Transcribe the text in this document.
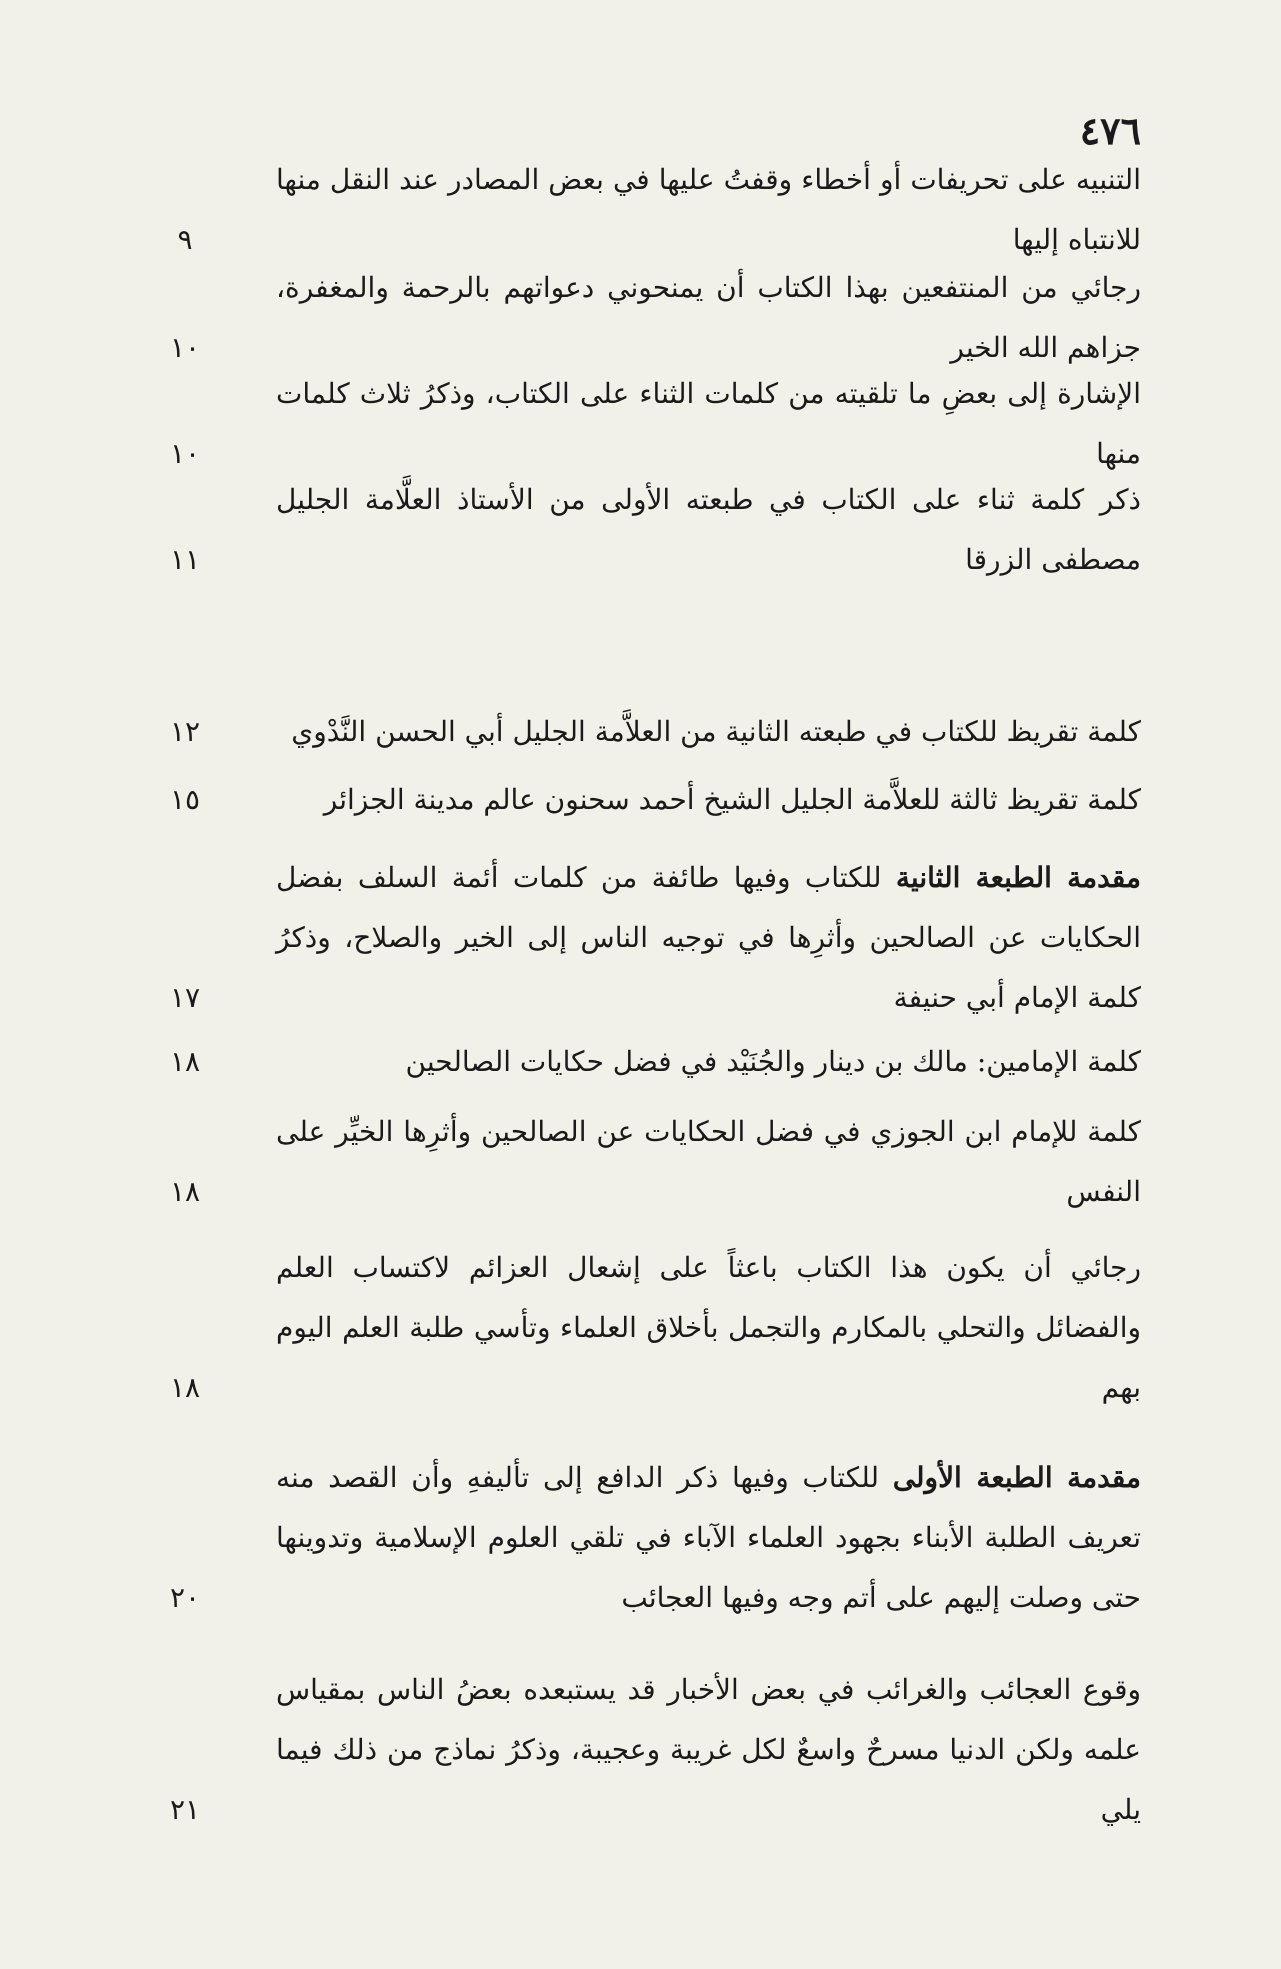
٤٧٦
التنبيه على تحريفات أو أخطاء وقفتُ عليها في بعض المصادر عند النقل منها للانتباه إليها
٩
رجائي من المنتفعين بهذا الكتاب أن يمنحوني دعواتهم بالرحمة والمغفرة، جزاهم الله الخير
١٠
الإشارة إلى بعضِ ما تلقيته من كلمات الثناء على الكتاب، وذكرُ ثلاث كلمات منها
١٠
ذكر كلمة ثناء على الكتاب في طبعته الأولى من الأستاذ العلَّامة الجليل مصطفى الزرقا
١١
كلمة تقريظ للكتاب في طبعته الثانية من العلاَّمة الجليل أبي الحسن النَّدْوي
١٢
كلمة تقريظ ثالثة للعلاَّمة الجليل الشيخ أحمد سحنون عالم مدينة الجزائر
١٥
مقدمة الطبعة الثانية للكتاب وفيها طائفة من كلمات أئمة السلف بفضل الحكايات عن الصالحين وأثرِها في توجيه الناس إلى الخير والصلاح، وذكرُ كلمة الإمام أبي حنيفة
١٧
كلمة الإمامين: مالك بن دينار والجُنَيْد في فضل حكايات الصالحين
١٨
كلمة للإمام ابن الجوزي في فضل الحكايات عن الصالحين وأثرِها الخيِّر على النفس
١٨
رجائي أن يكون هذا الكتاب باعثاً على إشعال العزائم لاكتساب العلم والفضائل والتحلي بالمكارم والتجمل بأخلاق العلماء وتأسي طلبة العلم اليوم بهم
١٨
مقدمة الطبعة الأولى للكتاب وفيها ذكر الدافع إلى تأليفهِ وأن القصد منه تعريف الطلبة الأبناء بجهود العلماء الآباء في تلقي العلوم الإسلامية وتدوينها حتى وصلت إليهم على أتم وجه وفيها العجائب
٢٠
وقوع العجائب والغرائب في بعض الأخبار قد يستبعده بعضُ الناس بمقياس علمه ولكن الدنيا مسرحٌ واسعٌ لكل غريبة وعجيبة، وذكرُ نماذج من ذلك فيما يلي
٢١
